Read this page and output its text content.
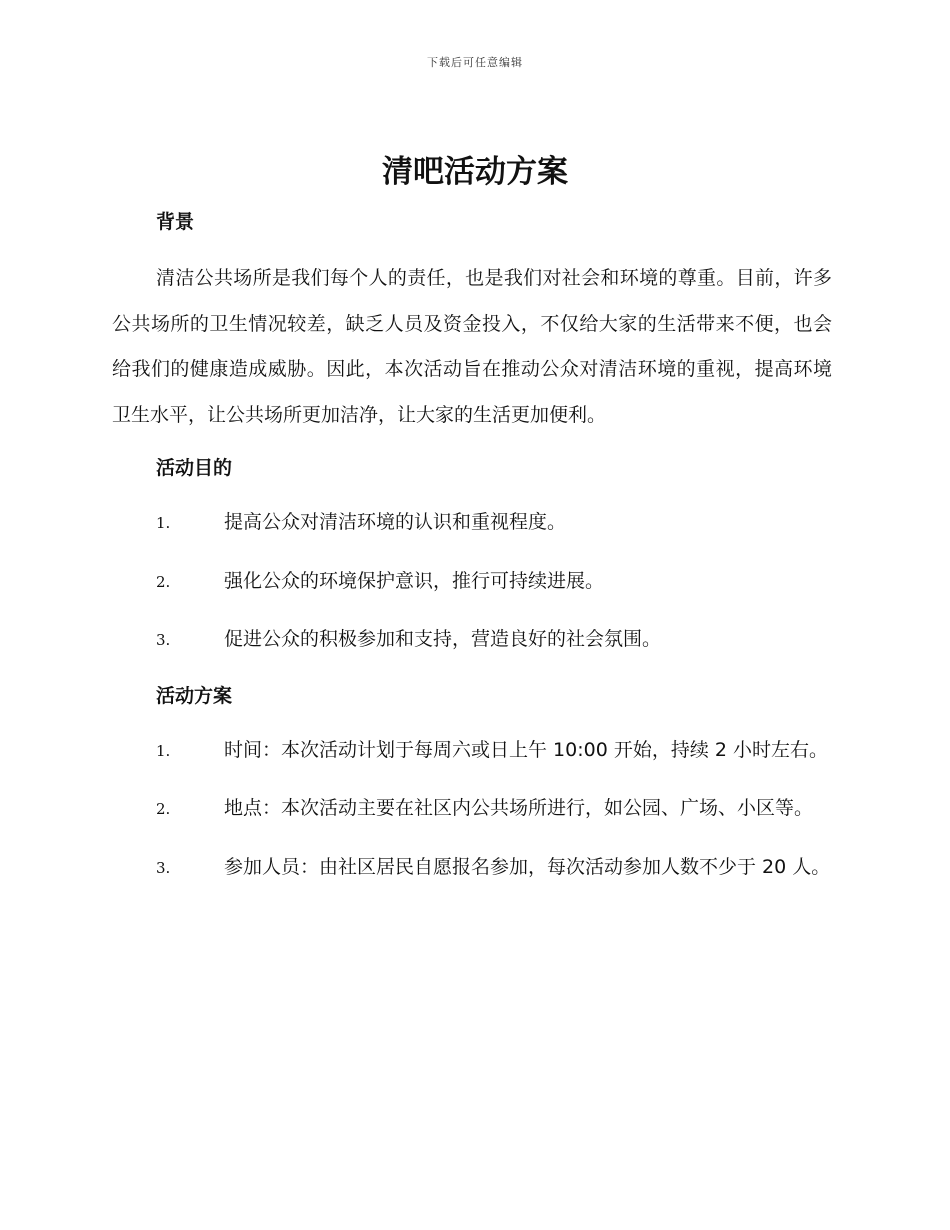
下载后可任意编辑
清吧活动方案

背景

清洁公共场所是我们每个人的责任，也是我们对社会和环境的尊重。目前，许多公共场所的卫生情况较差，缺乏人员及资金投入，不仅给大家的生活带来不便，也会给我们的健康造成威胁。因此，本次活动旨在推动公众对清洁环境的重视，提高环境卫生水平，让公共场所更加洁净，让大家的生活更加便利。

活动目的

1.	提高公众对清洁环境的认识和重视程度。

2.	强化公众的环境保护意识，推行可持续进展。

3.	促进公众的积极参加和支持，营造良好的社会氛围。

活动方案

1.	时间：本次活动计划于每周六或日上午 10:00 开始，持续 2 小时左右。

2.	地点：本次活动主要在社区内公共场所进行，如公园、广场、小区等。

3.	参加人员：由社区居民自愿报名参加，每次活动参加人数不少于 20 人。
